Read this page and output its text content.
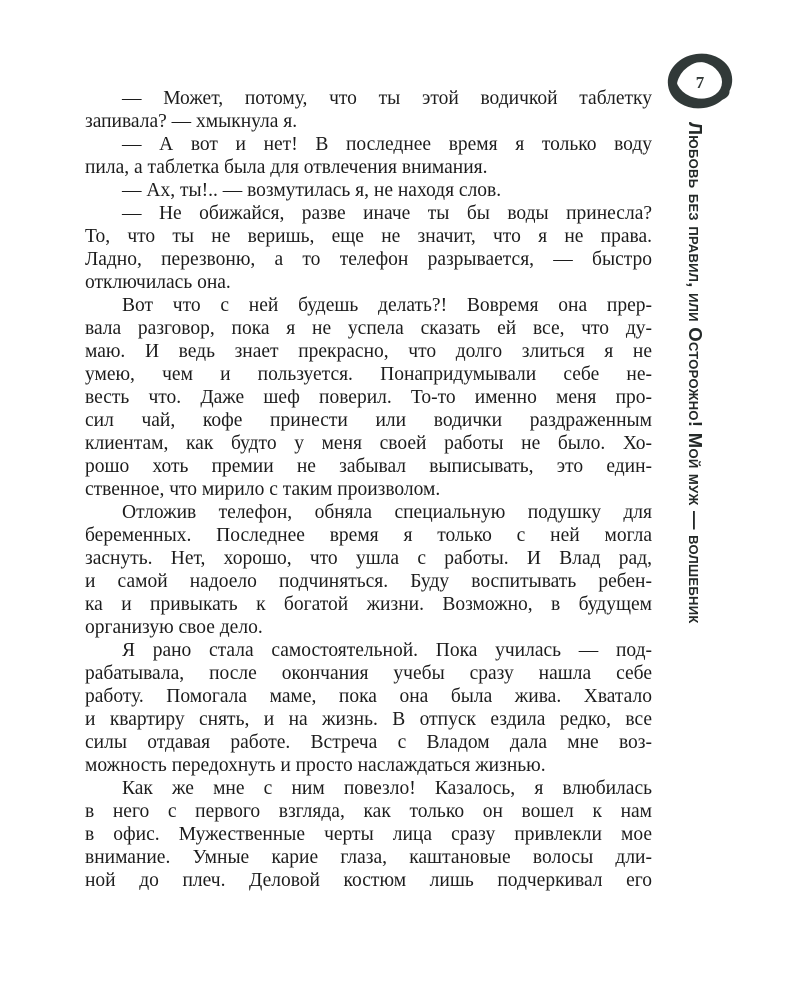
7
Любовь без правил, или Осторожно! Мой муж — волшебник
— Может, потому, что ты этой водичкой таблетку
запивала? — хмыкнула я.
— А вот и нет! В последнее время я только воду
пила, а таблетка была для отвлечения внимания.
— Ах, ты!.. — возмутилась я, не находя слов.
— Не обижайся, разве иначе ты бы воды принесла?
То, что ты не веришь, еще не значит, что я не права.
Ладно, перезвоню, а то телефон разрывается, — быстро
отключилась она.
Вот что с ней будешь делать?! Вовремя она прер-
вала разговор, пока я не успела сказать ей все, что ду-
маю. И ведь знает прекрасно, что долго злиться я не
умею, чем и пользуется. Понапридумывали себе не-
весть что. Даже шеф поверил. То-то именно меня про-
сил чай, кофе принести или водички раздраженным
клиентам, как будто у меня своей работы не было. Хо-
рошо хоть премии не забывал выписывать, это един-
ственное, что мирило с таким произволом.
Отложив телефон, обняла специальную подушку для
беременных. Последнее время я только с ней могла
заснуть. Нет, хорошо, что ушла с работы. И Влад рад,
и самой надоело подчиняться. Буду воспитывать ребен-
ка и привыкать к богатой жизни. Возможно, в будущем
организую свое дело.
Я рано стала самостоятельной. Пока училась — под-
рабатывала, после окончания учебы сразу нашла себе
работу. Помогала маме, пока она была жива. Хватало
и квартиру снять, и на жизнь. В отпуск ездила редко, все
силы отдавая работе. Встреча с Владом дала мне воз-
можность передохнуть и просто наслаждаться жизнью.
Как же мне с ним повезло! Казалось, я влюбилась
в него с первого взгляда, как только он вошел к нам
в офис. Мужественные черты лица сразу привлекли мое
внимание. Умные карие глаза, каштановые волосы дли-
ной до плеч. Деловой костюм лишь подчеркивал его
